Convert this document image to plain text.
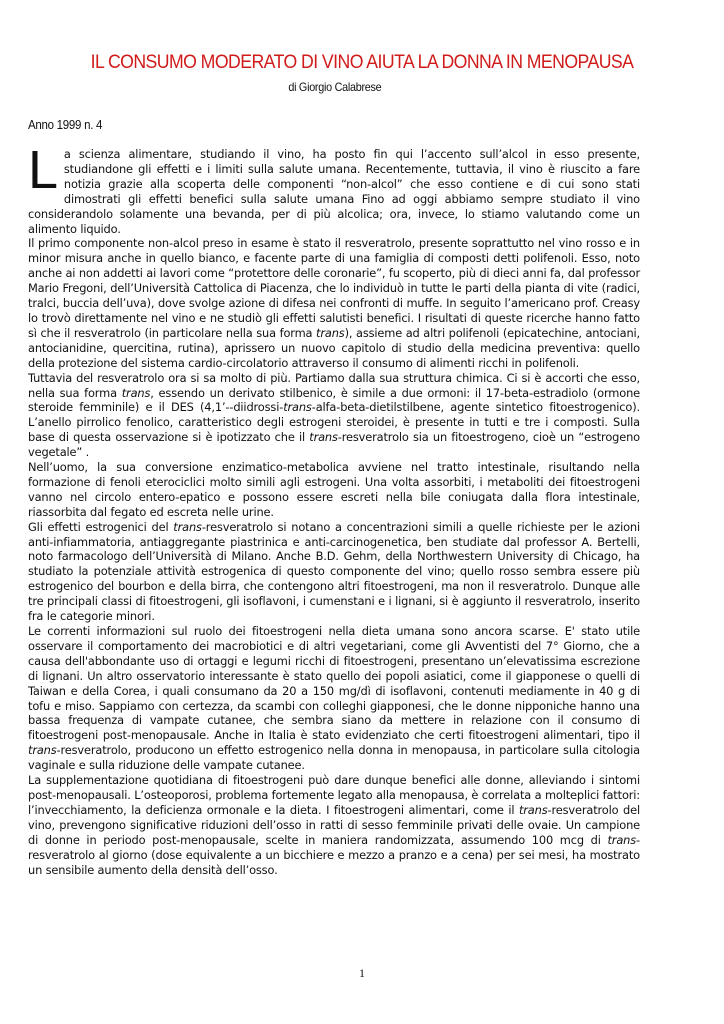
IL CONSUMO MODERATO DI VINO AIUTA LA DONNA IN MENOPAUSA
di Giorgio Calabrese
Anno 1999 n. 4

La scienza alimentare, studiando il vino, ha posto fin qui l’accento sull’alcol in esso presente, studiandone gli effetti e i limiti sulla salute umana. Recentemente, tuttavia, il vino è riuscito a fare notizia grazie alla scoperta delle componenti “non-alcol” che esso contiene e di cui sono stati dimostrati gli effetti benefici sulla salute umana Fino ad oggi abbiamo sempre studiato il vino considerandolo solamente una bevanda, per di più alcolica; ora, invece, lo stiamo valutando come un alimento liquido.

Il primo componente non-alcol preso in esame è stato il resveratrolo, presente soprattutto nel vino rosso e in minor misura anche in quello bianco, e facente parte di una famiglia di composti detti polifenoli. Esso, noto anche ai non addetti ai lavori come “protettore delle coronarie”, fu scoperto, più di dieci anni fa, dal professor Mario Fregoni, dell’Università Cattolica di Piacenza, che lo individuò in tutte le parti della pianta di vite (radici, tralci, buccia dell’uva), dove svolge azione di difesa nei confronti di muffe. In seguito l’americano prof. Creasy lo trovò direttamente nel vino e ne studiò gli effetti salutisti benefici. I risultati di queste ricerche hanno fatto sì che il resveratrolo (in particolare nella sua forma trans), assieme ad altri polifenoli (epicatechine, antociani, antocianidine, quercitina, rutina), aprissero un nuovo capitolo di studio della medicina preventiva: quello della protezione del sistema cardio-circolatorio attraverso il consumo di alimenti ricchi in polifenoli.

Tuttavia del resveratrolo ora si sa molto di più. Partiamo dalla sua struttura chimica. Ci si è accorti che esso, nella sua forma trans, essendo un derivato stilbenico, è simile a due ormoni: il 17-beta-estradiolo (ormone steroide femminile) e il DES (4,1’--diidrossi-trans-alfa-beta-dietilstilbene, agente sintetico fitoestrogenico). L’anello pirrolico fenolico, caratteristico degli estrogeni steroidei, è presente in tutti e tre i composti. Sulla base di questa osservazione si è ipotizzato che il trans-resveratrolo sia un fitoestrogeno, cioè un “estrogeno vegetale” .

Nell’uomo, la sua conversione enzimatico-metabolica avviene nel tratto intestinale, risultando nella formazione di fenoli eterociclici molto simili agli estrogeni. Una volta assorbiti, i metaboliti dei fitoestrogeni vanno nel circolo entero-epatico e possono essere escreti nella bile coniugata dalla flora intestinale, riassorbita dal fegato ed escreta nelle urine.

Gli effetti estrogenici del trans-resveratrolo si notano a concentrazioni simili a quelle richieste per le azioni anti-infiammatoria, antiaggregante piastrinica e anti-carcinogenetica, ben studiate dal professor A. Bertelli, noto farmacologo dell’Università di Milano. Anche B.D. Gehm, della Northwestern University di Chicago, ha studiato la potenziale attività estrogenica di questo componente del vino; quello rosso sembra essere più estrogenico del bourbon e della birra, che contengono altri fitoestrogeni, ma non il resveratrolo. Dunque alle tre principali classi di fitoestrogeni, gli isoflavoni, i cumenstani e i lignani, si è aggiunto il resveratrolo, inserito fra le categorie minori.

Le correnti informazioni sul ruolo dei fitoestrogeni nella dieta umana sono ancora scarse. E' stato utile osservare il comportamento dei macrobiotici e di altri vegetariani, come gli Avventisti del 7° Giorno, che a causa dell'abbondante uso di ortaggi e legumi ricchi di fitoestrogeni, presentano un’elevatissima escrezione di lignani. Un altro osservatorio interessante è stato quello dei popoli asiatici, come il giapponese o quelli di Taiwan e della Corea, i quali consumano da 20 a 150 mg/dì di isoflavoni, contenuti mediamente in 40 g di tofu e miso. Sappiamo con certezza, da scambi con colleghi giapponesi, che le donne nipponiche hanno una bassa frequenza di vampate cutanee, che sembra siano da mettere in relazione con il consumo di fitoestrogeni post-menopausale. Anche in Italia è stato evidenziato che certi fitoestrogeni alimentari, tipo il trans-resveratrolo, producono un effetto estrogenico nella donna in menopausa, in particolare sulla citologia vaginale e sulla riduzione delle vampate cutanee.

La supplementazione quotidiana di fitoestrogeni può dare dunque benefici alle donne, alleviando i sintomi post-menopausali. L’osteoporosi, problema fortemente legato alla menopausa, è correlata a molteplici fattori: l’invecchiamento, la deficienza ormonale e la dieta. I fitoestrogeni alimentari, come il trans-resveratrolo del vino, prevengono significative riduzioni dell’osso in ratti di sesso femminile privati delle ovaie. Un campione di donne in periodo post-menopausale, scelte in maniera randomizzata, assumendo 100 mcg di trans-resveratrolo al giorno (dose equivalente a un bicchiere e mezzo a pranzo e a cena) per sei mesi, ha mostrato un sensibile aumento della densità dell’osso.

1
